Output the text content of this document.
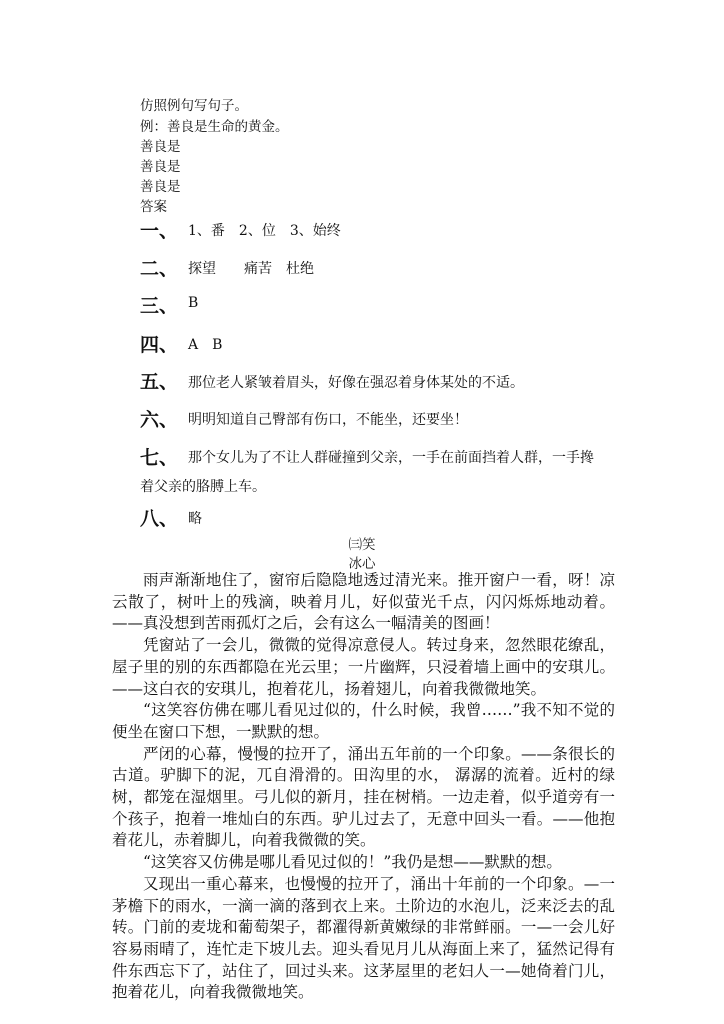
仿照例句写句子。
例：善良是生命的黄金。
善良是
善良是
善良是
答案
一、 1、番　2、位　3、始终
二、 探望　　痛苦　杜绝
三、 B
四、 A　B
五、 那位老人紧皱着眉头，好像在强忍着身体某处的不适。
六、 明明知道自己臀部有伤口，不能坐，还要坐！
七、 那个女儿为了不让人群碰撞到父亲，一手在前面挡着人群，一手搀
着父亲的胳膊上车。
八、 略
㈢笑
冰心

雨声渐渐地住了，窗帘后隐隐地透过清光来。推开窗户一看，呀！凉云散了，树叶上的残滴，映着月儿，好似萤光千点，闪闪烁烁地动着。——真没想到苦雨孤灯之后，会有这么一幅清美的图画！

凭窗站了一会儿，微微的觉得凉意侵人。转过身来，忽然眼花缭乱，屋子里的别的东西都隐在光云里；一片幽辉，只浸着墙上画中的安琪儿。——这白衣的安琪儿，抱着花儿，扬着翅儿，向着我微微地笑。

“这笑容仿佛在哪儿看见过似的，什么时候，我曾……”我不知不觉的便坐在窗口下想，一默默的想。

严闭的心幕，慢慢的拉开了，涌出五年前的一个印象。——条很长的古道。驴脚下的泥，兀自滑滑的。田沟里的水， 潺潺的流着。近村的绿树，都笼在湿烟里。弓儿似的新月，挂在树梢。一边走着，似乎道旁有一个孩子，抱着一堆灿白的东西。驴儿过去了，无意中回头一看。——他抱着花儿，赤着脚儿，向着我微微的笑。

“这笑容又仿佛是哪儿看见过似的！”我仍是想——默默的想。

又现出一重心幕来，也慢慢的拉开了，涌出十年前的一个印象。—一茅檐下的雨水，一滴一滴的落到衣上来。土阶边的水泡儿，泛来泛去的乱转。门前的麦垅和葡萄架子，都濯得新黄嫩绿的非常鲜丽。一—一会儿好容易雨晴了，连忙走下坡儿去。迎头看见月儿从海面上来了，猛然记得有件东西忘下了，站住了，回过头来。这茅屋里的老妇人一—她倚着门儿，抱着花儿，向着我微微地笑。
